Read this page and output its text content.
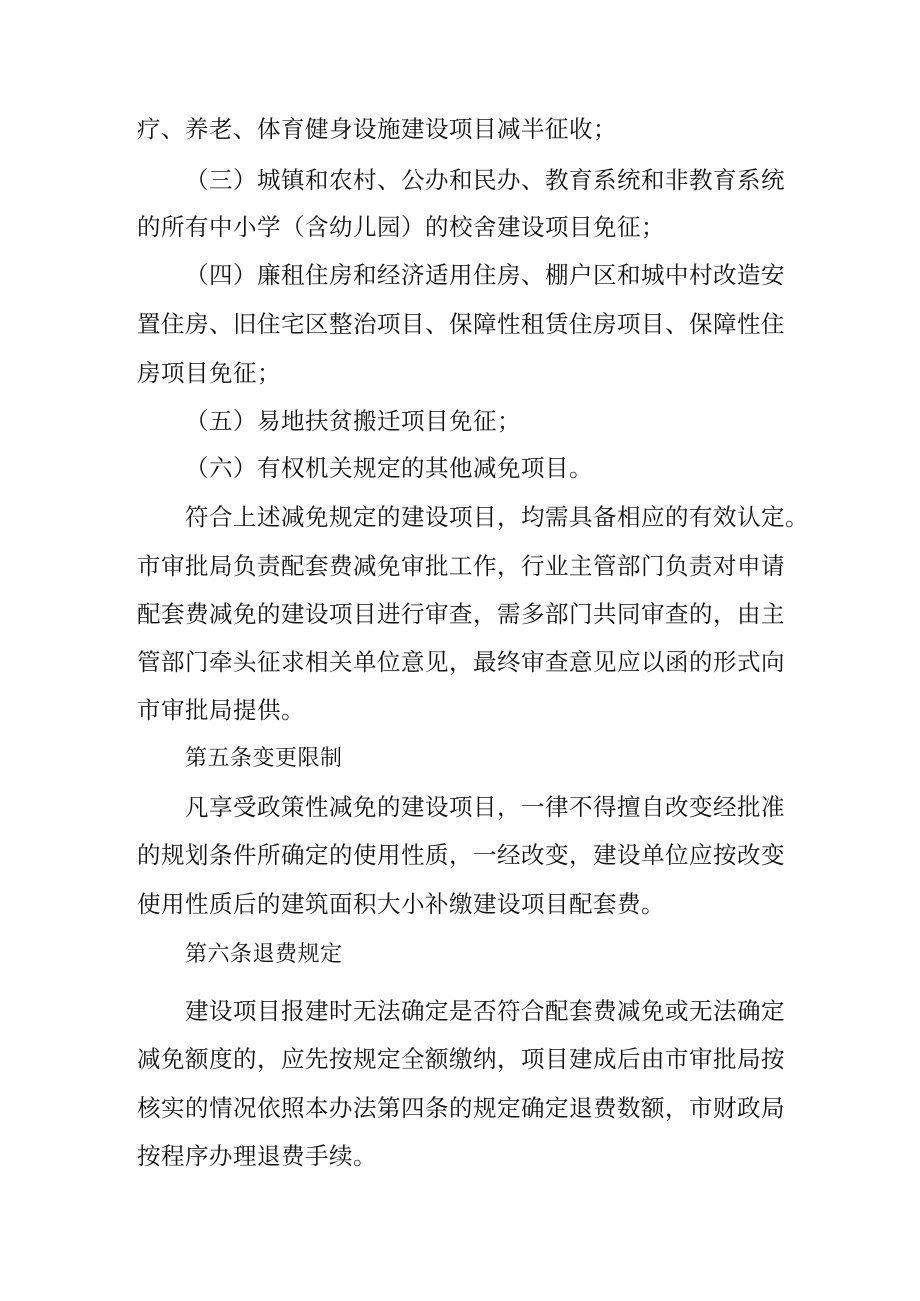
疗、养老、体育健身设施建设项目减半征收；
（三）城镇和农村、公办和民办、教育系统和非教育系统
的所有中小学（含幼儿园）的校舍建设项目免征；
（四）廉租住房和经济适用住房、棚户区和城中村改造安
置住房、旧住宅区整治项目、保障性租赁住房项目、保障性住
房项目免征；
（五）易地扶贫搬迁项目免征；
（六）有权机关规定的其他减免项目。
符合上述减免规定的建设项目，均需具备相应的有效认定。
市审批局负责配套费减免审批工作，行业主管部门负责对申请
配套费减免的建设项目进行审查，需多部门共同审查的，由主
管部门牵头征求相关单位意见，最终审查意见应以函的形式向
市审批局提供。
第五条变更限制
凡享受政策性减免的建设项目，一律不得擅自改变经批准
的规划条件所确定的使用性质，一经改变，建设单位应按改变
使用性质后的建筑面积大小补缴建设项目配套费。
第六条退费规定
建设项目报建时无法确定是否符合配套费减免或无法确定
减免额度的，应先按规定全额缴纳，项目建成后由市审批局按
核实的情况依照本办法第四条的规定确定退费数额，市财政局
按程序办理退费手续。
